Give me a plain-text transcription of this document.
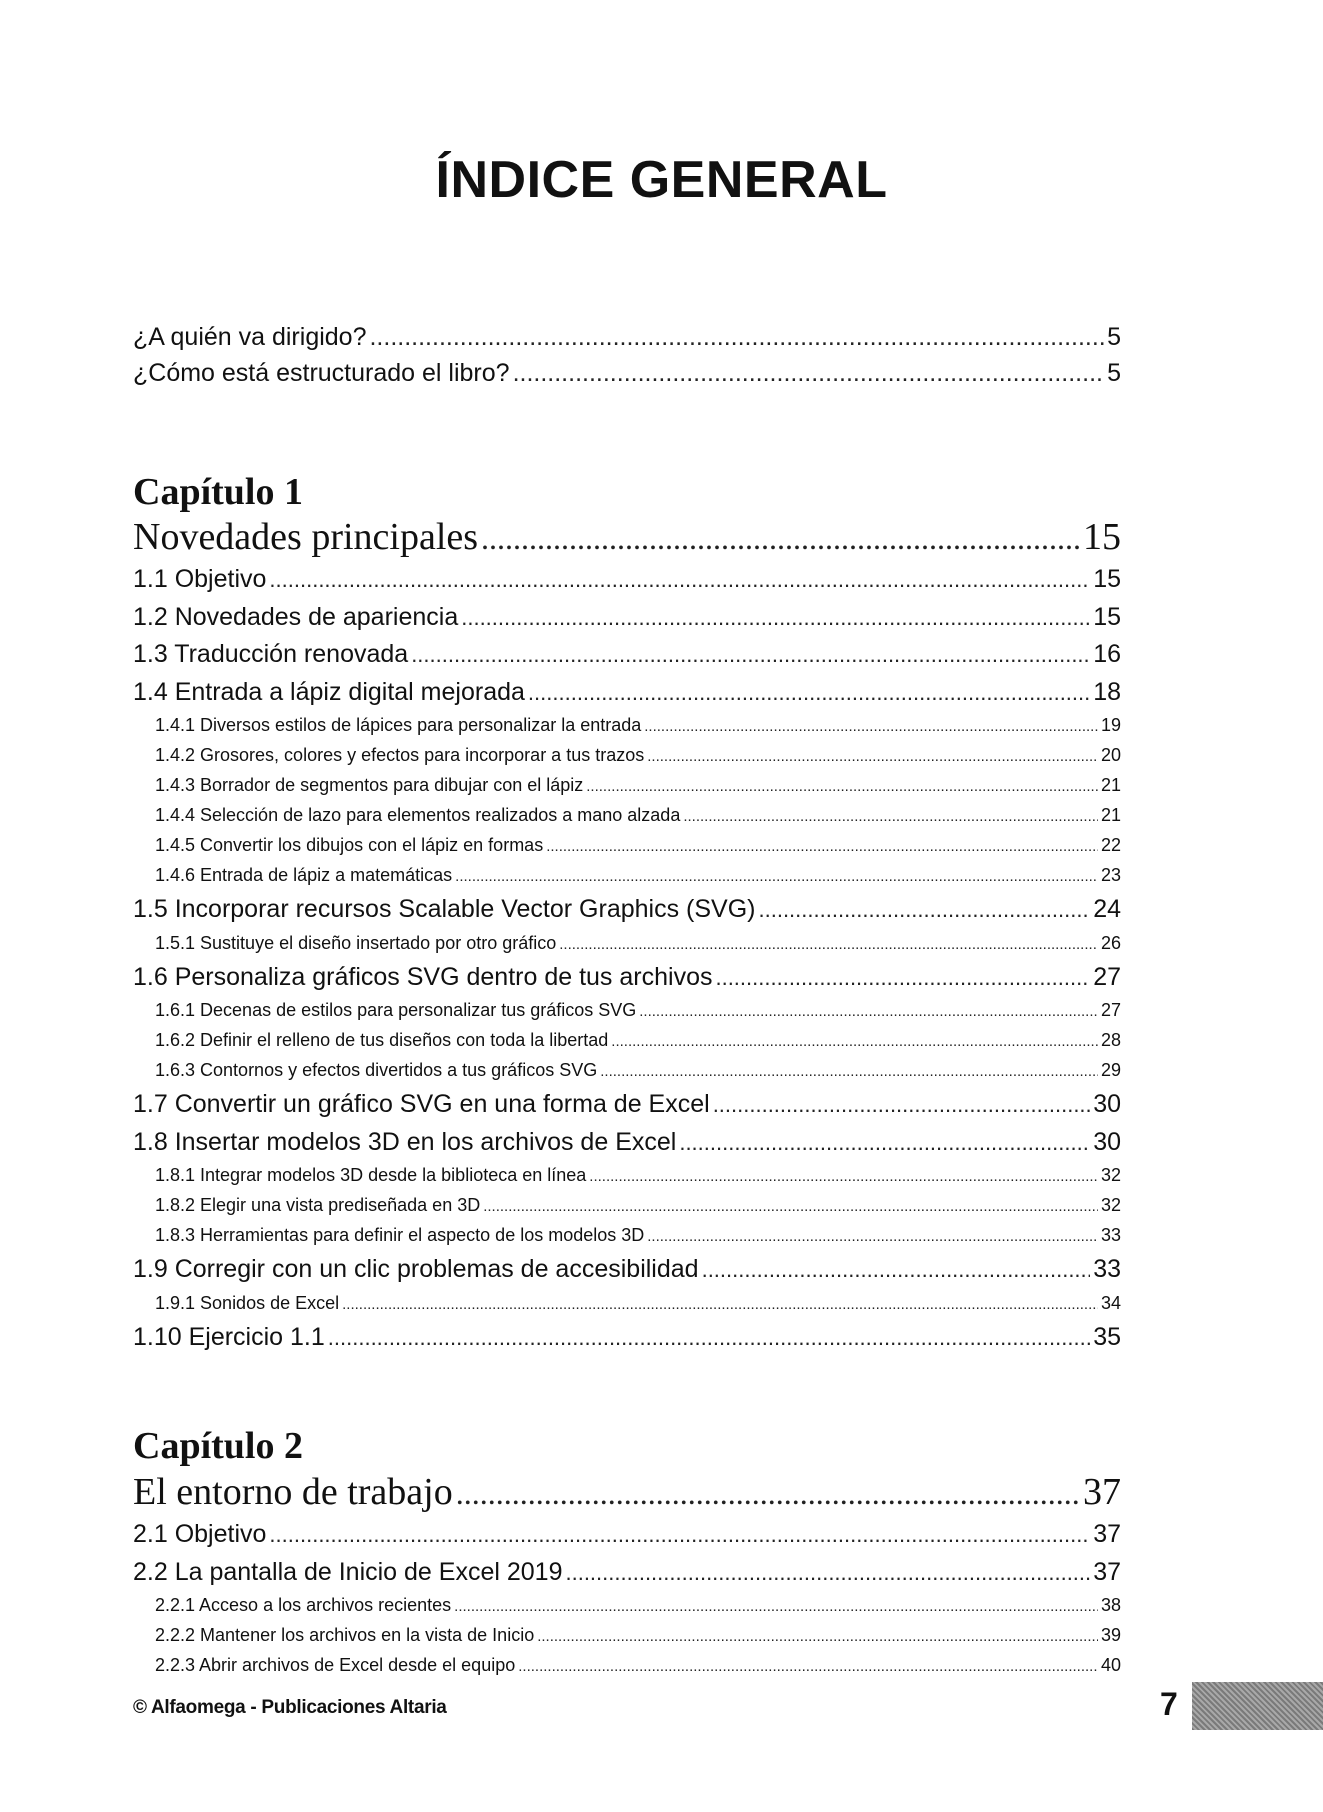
ÍNDICE GENERAL
¿A quién va dirigido? .....	5
¿Cómo está estructurado el libro? .....	5
Capítulo 1
Novedades principales .....	15
1.1 Objetivo .....	15
1.2 Novedades de apariencia .....	15
1.3 Traducción renovada .....	16
1.4 Entrada a lápiz digital mejorada .....	18
1.4.1 Diversos estilos de lápices para personalizar la entrada .....	19
1.4.2 Grosores, colores y efectos para incorporar a tus trazos .....	20
1.4.3 Borrador de segmentos para dibujar con el lápiz .....	21
1.4.4 Selección de lazo para elementos realizados a mano alzada .....	21
1.4.5 Convertir los dibujos con el lápiz en formas .....	22
1.4.6 Entrada de lápiz a matemáticas .....	23
1.5 Incorporar recursos Scalable Vector Graphics (SVG) .....	24
1.5.1 Sustituye el diseño insertado por otro gráfico .....	26
1.6 Personaliza gráficos SVG dentro de tus archivos .....	27
1.6.1 Decenas de estilos para personalizar tus gráficos SVG .....	27
1.6.2 Definir el relleno de tus diseños con toda la libertad .....	28
1.6.3 Contornos y efectos divertidos a tus gráficos SVG .....	29
1.7 Convertir un gráfico SVG en una forma de Excel .....	30
1.8 Insertar modelos 3D en los archivos de Excel .....	30
1.8.1 Integrar modelos 3D desde la biblioteca en línea .....	32
1.8.2 Elegir una vista prediseñada en 3D .....	32
1.8.3 Herramientas para definir el aspecto de los modelos 3D .....	33
1.9 Corregir con un clic problemas de accesibilidad .....	33
1.9.1 Sonidos de Excel .....	34
1.10 Ejercicio 1.1 .....	35
Capítulo 2
El entorno de trabajo .....	37
2.1 Objetivo .....	37
2.2 La pantalla de Inicio de Excel 2019 .....	37
2.2.1 Acceso a los archivos recientes .....	38
2.2.2 Mantener los archivos en la vista de Inicio .....	39
2.2.3 Abrir archivos de Excel desde el equipo .....	40
© Alfaomega - Publicaciones Altaria	7
